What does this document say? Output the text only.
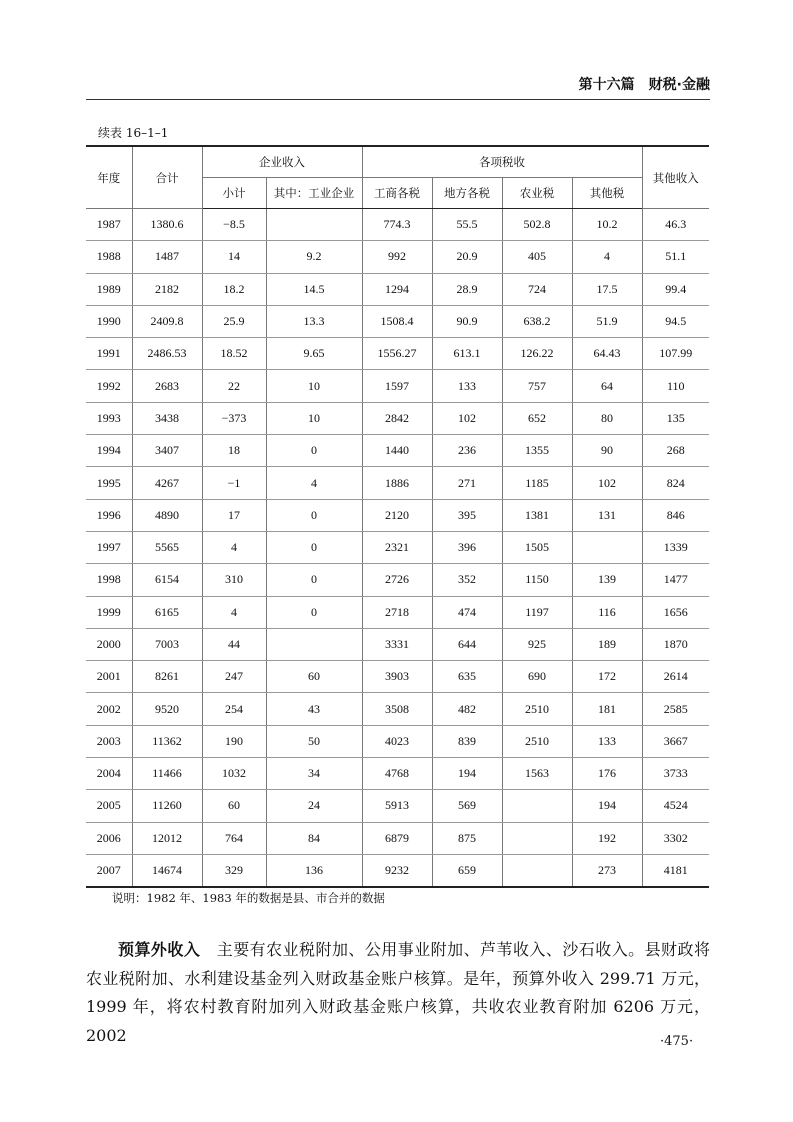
第十六篇　财税·金融
续表 16–1–1
年度	合计	企业收入		各项税收				其他收入
		小计	其中：工业企业	工商各税	地方各税	农业税	其他税	
1987	1380.6	−8.5		774.3	55.5	502.8	10.2	46.3
1988	1487	14	9.2	992	20.9	405	4	51.1
1989	2182	18.2	14.5	1294	28.9	724	17.5	99.4
1990	2409.8	25.9	13.3	1508.4	90.9	638.2	51.9	94.5
1991	2486.53	18.52	9.65	1556.27	613.1	126.22	64.43	107.99
1992	2683	22	10	1597	133	757	64	110
1993	3438	−373	10	2842	102	652	80	135
1994	3407	18	0	1440	236	1355	90	268
1995	4267	−1	4	1886	271	1185	102	824
1996	4890	17	0	2120	395	1381	131	846
1997	5565	4	0	2321	396	1505		1339
1998	6154	310	0	2726	352	1150	139	1477
1999	6165	4	0	2718	474	1197	116	1656
2000	7003	44		3331	644	925	189	1870
2001	8261	247	60	3903	635	690	172	2614
2002	9520	254	43	3508	482	2510	181	2585
2003	11362	190	50	4023	839	2510	133	3667
2004	11466	1032	34	4768	194	1563	176	3733
2005	11260	60	24	5913	569		194	4524
2006	12012	764	84	6879	875		192	3302
2007	14674	329	136	9232	659		273	4181
说明：1982 年、1983 年的数据是县、市合并的数据
预算外收入　 主要有农业税附加、公用事业附加、芦苇收入、沙石收入。县财政将农业税附加、水利建设基金列入财政基金账户核算。是年，预算外收入 299.71 万元，1999 年，将农村教育附加列入财政基金账户核算，共收农业教育附加 6206 万元，2002	·475·
